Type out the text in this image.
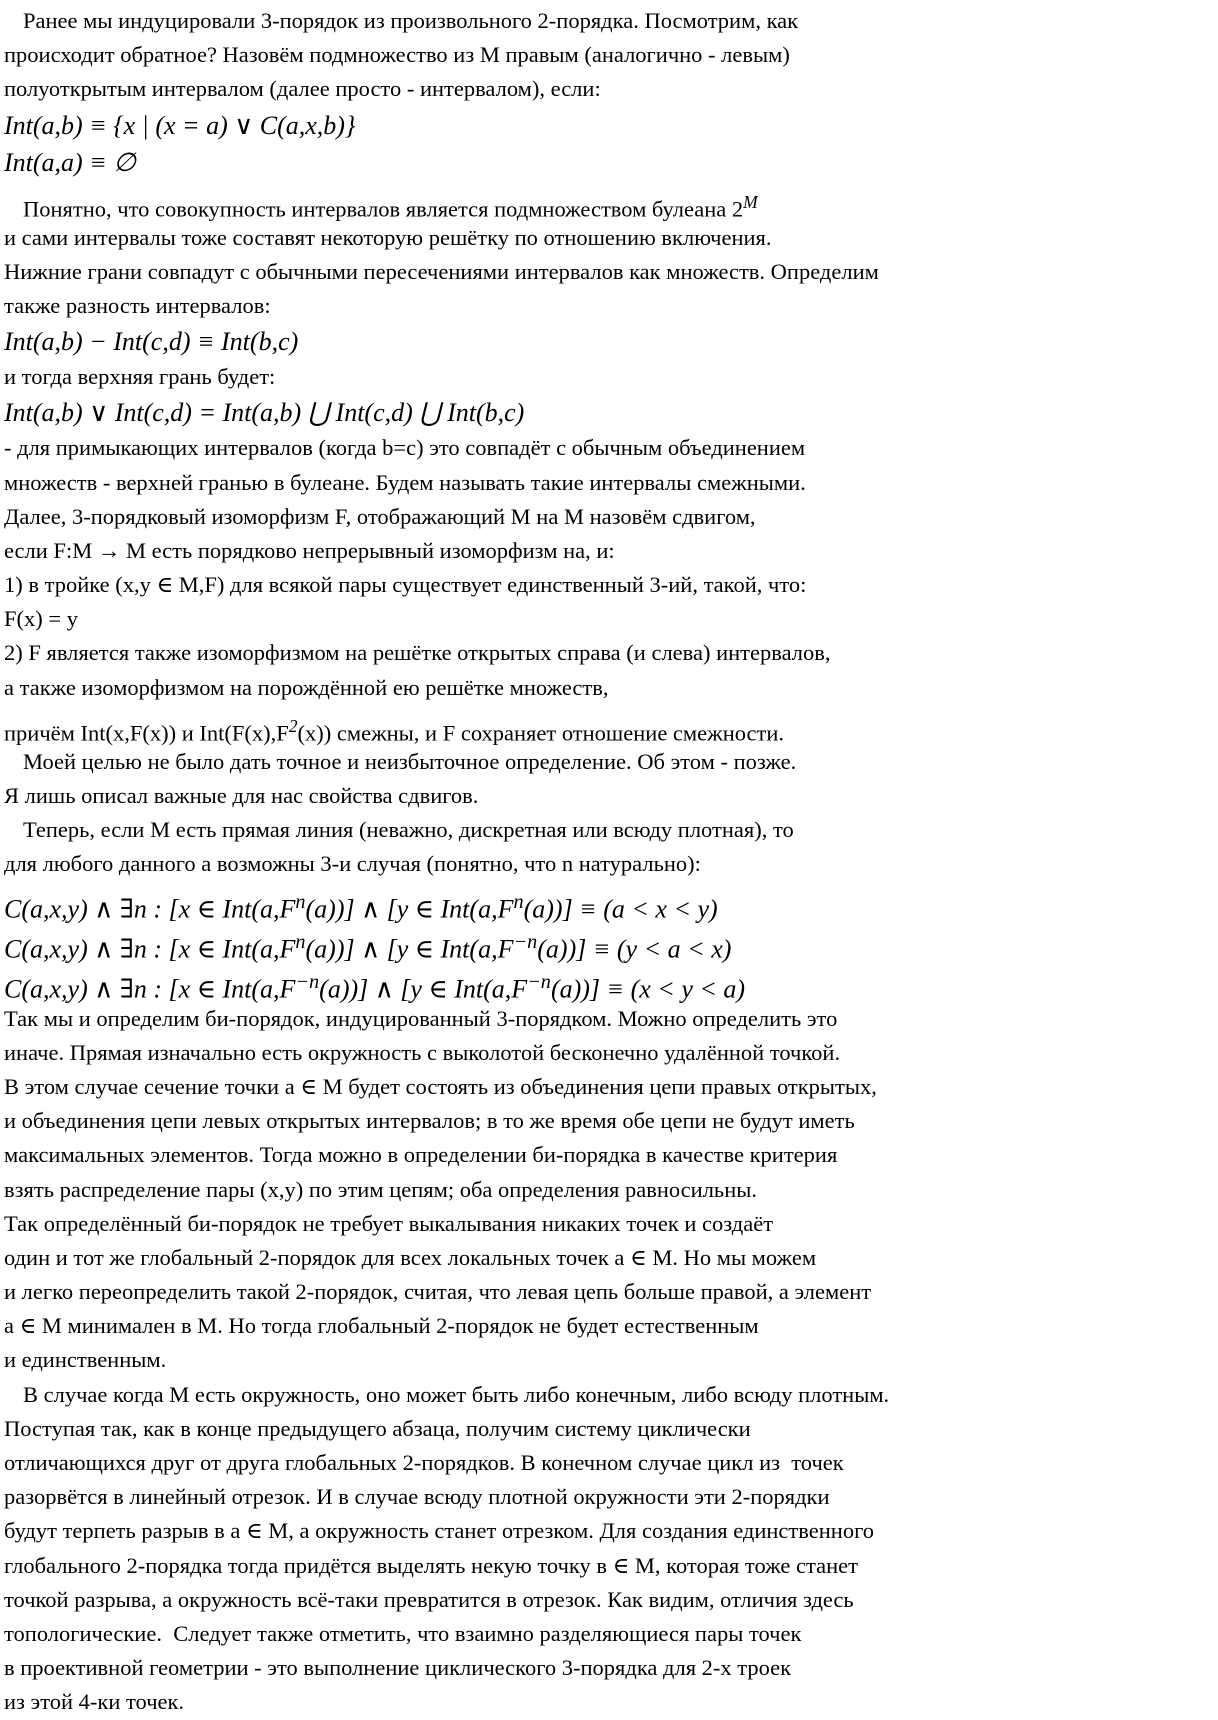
Ранее мы индуцировали 3-порядок из произвольного 2-порядка. Посмотрим, как
происходит обратное? Назовём подмножество из M правым (аналогично - левым)
полуоткрытым интервалом (далее просто - интервалом), если:
Int(a,b) ≡ {x | (x = a) ∨ C(a,x,b)}
Int(a,a) ≡ ∅
Понятно, что совокупность интервалов является подмножеством булеана $2^M$
и сами интервалы тоже составят некоторую решётку по отношению включения.
Нижние грани совпадут с обычными пересечениями интервалов как множеств. Определим
также разность интервалов:
Int(a,b) − Int(c,d) ≡ Int(b,c)
и тогда верхняя грань будет:
Int(a,b) ∨ Int(c,d) = Int(a,b) ⋃ Int(c,d) ⋃ Int(b,c)
- для примыкающих интервалов (когда b=c) это совпадёт с обычным объединением
множеств - верхней гранью в булеане. Будем называть такие интервалы смежными.
Далее, 3-порядковый изоморфизм F, отображающий M на M назовём сдвигом,
если F:M → M есть порядково непрерывный изоморфизм на, и:
1) в тройке (x,y ∈ M,F) для всякой пары существует единственный 3-ий, такой, что:
F(x) = y
2) F является также изоморфизмом на решётке открытых справа (и слева) интервалов,
а также изоморфизмом на порождённой ею решётке множеств,
причём Int(x,F(x)) и $Int(F(x),F^2(x))$ смежны, и F сохраняет отношение смежности.
Моей целью не было дать точное и неизбыточное определение. Об этом - позже.
Я лишь описал важные для нас свойства сдвигов.
Теперь, если M есть прямая линия (неважно, дискретная или всюду плотная), то
для любого данного a возможны 3-и случая (понятно, что n натурально):
C(a,x,y) ∧ ∃n : [x ∈ $Int(a,F^n(a))$] ∧ [y ∈ $Int(a,F^n(a))] \equiv (a < x < y)$
C(a,x,y) ∧ ∃n : [x ∈ $Int(a,F^n(a))$] ∧ [y ∈ $Int(a,F^{-n}(a))] \equiv (y < a < x)$
C(a,x,y) ∧ ∃n : [x ∈ $Int(a,F^{-n}(a))$] ∧ [y ∈ $Int(a,F^{-n}(a))] \equiv (x < y < a)$
Так мы и определим би-порядок, индуцированный 3-порядком. Можно определить это
иначе. Прямая изначально есть окружность с выколотой бесконечно удалённой точкой.
В этом случае сечение точки a ∈ M будет состоять из объединения цепи правых открытых,
и объединения цепи левых открытых интервалов; в то же время обе цепи не будут иметь
максимальных элементов. Тогда можно в определении би-порядка в качестве критерия
взять распределение пары (x,y) по этим цепям; оба определения равносильны.
Так определённый би-порядок не требует выкалывания никаких точек и создаёт
один и тот же глобальный 2-порядок для всех локальных точек a ∈ M. Но мы можем
и легко переопределить такой 2-порядок, считая, что левая цепь больше правой, а элемент
a ∈ M минимален в M. Но тогда глобальный 2-порядок не будет естественным
и единственным.
В случае когда M есть окружность, оно может быть либо конечным, либо всюду плотным.
Поступая так, как в конце предыдущего абзаца, получим систему циклически
отличающихся друг от друга глобальных 2-порядков. В конечном случае цикл из  точек
разорвётся в линейный отрезок. И в случае всюду плотной окружности эти 2-порядки
будут терпеть разрыв в a ∈ M, а окружность станет отрезком. Для создания единственного
глобального 2-порядка тогда придётся выделять некую точку в ∈ M, которая тоже станет
точкой разрыва, а окружность всё-таки превратится в отрезок. Как видим, отличия здесь
топологические.  Следует также отметить, что взаимно разделяющиеся пары точек
в проективной геометрии - это выполнение циклического 3-порядка для 2-х троек
из этой 4-ки точек.
